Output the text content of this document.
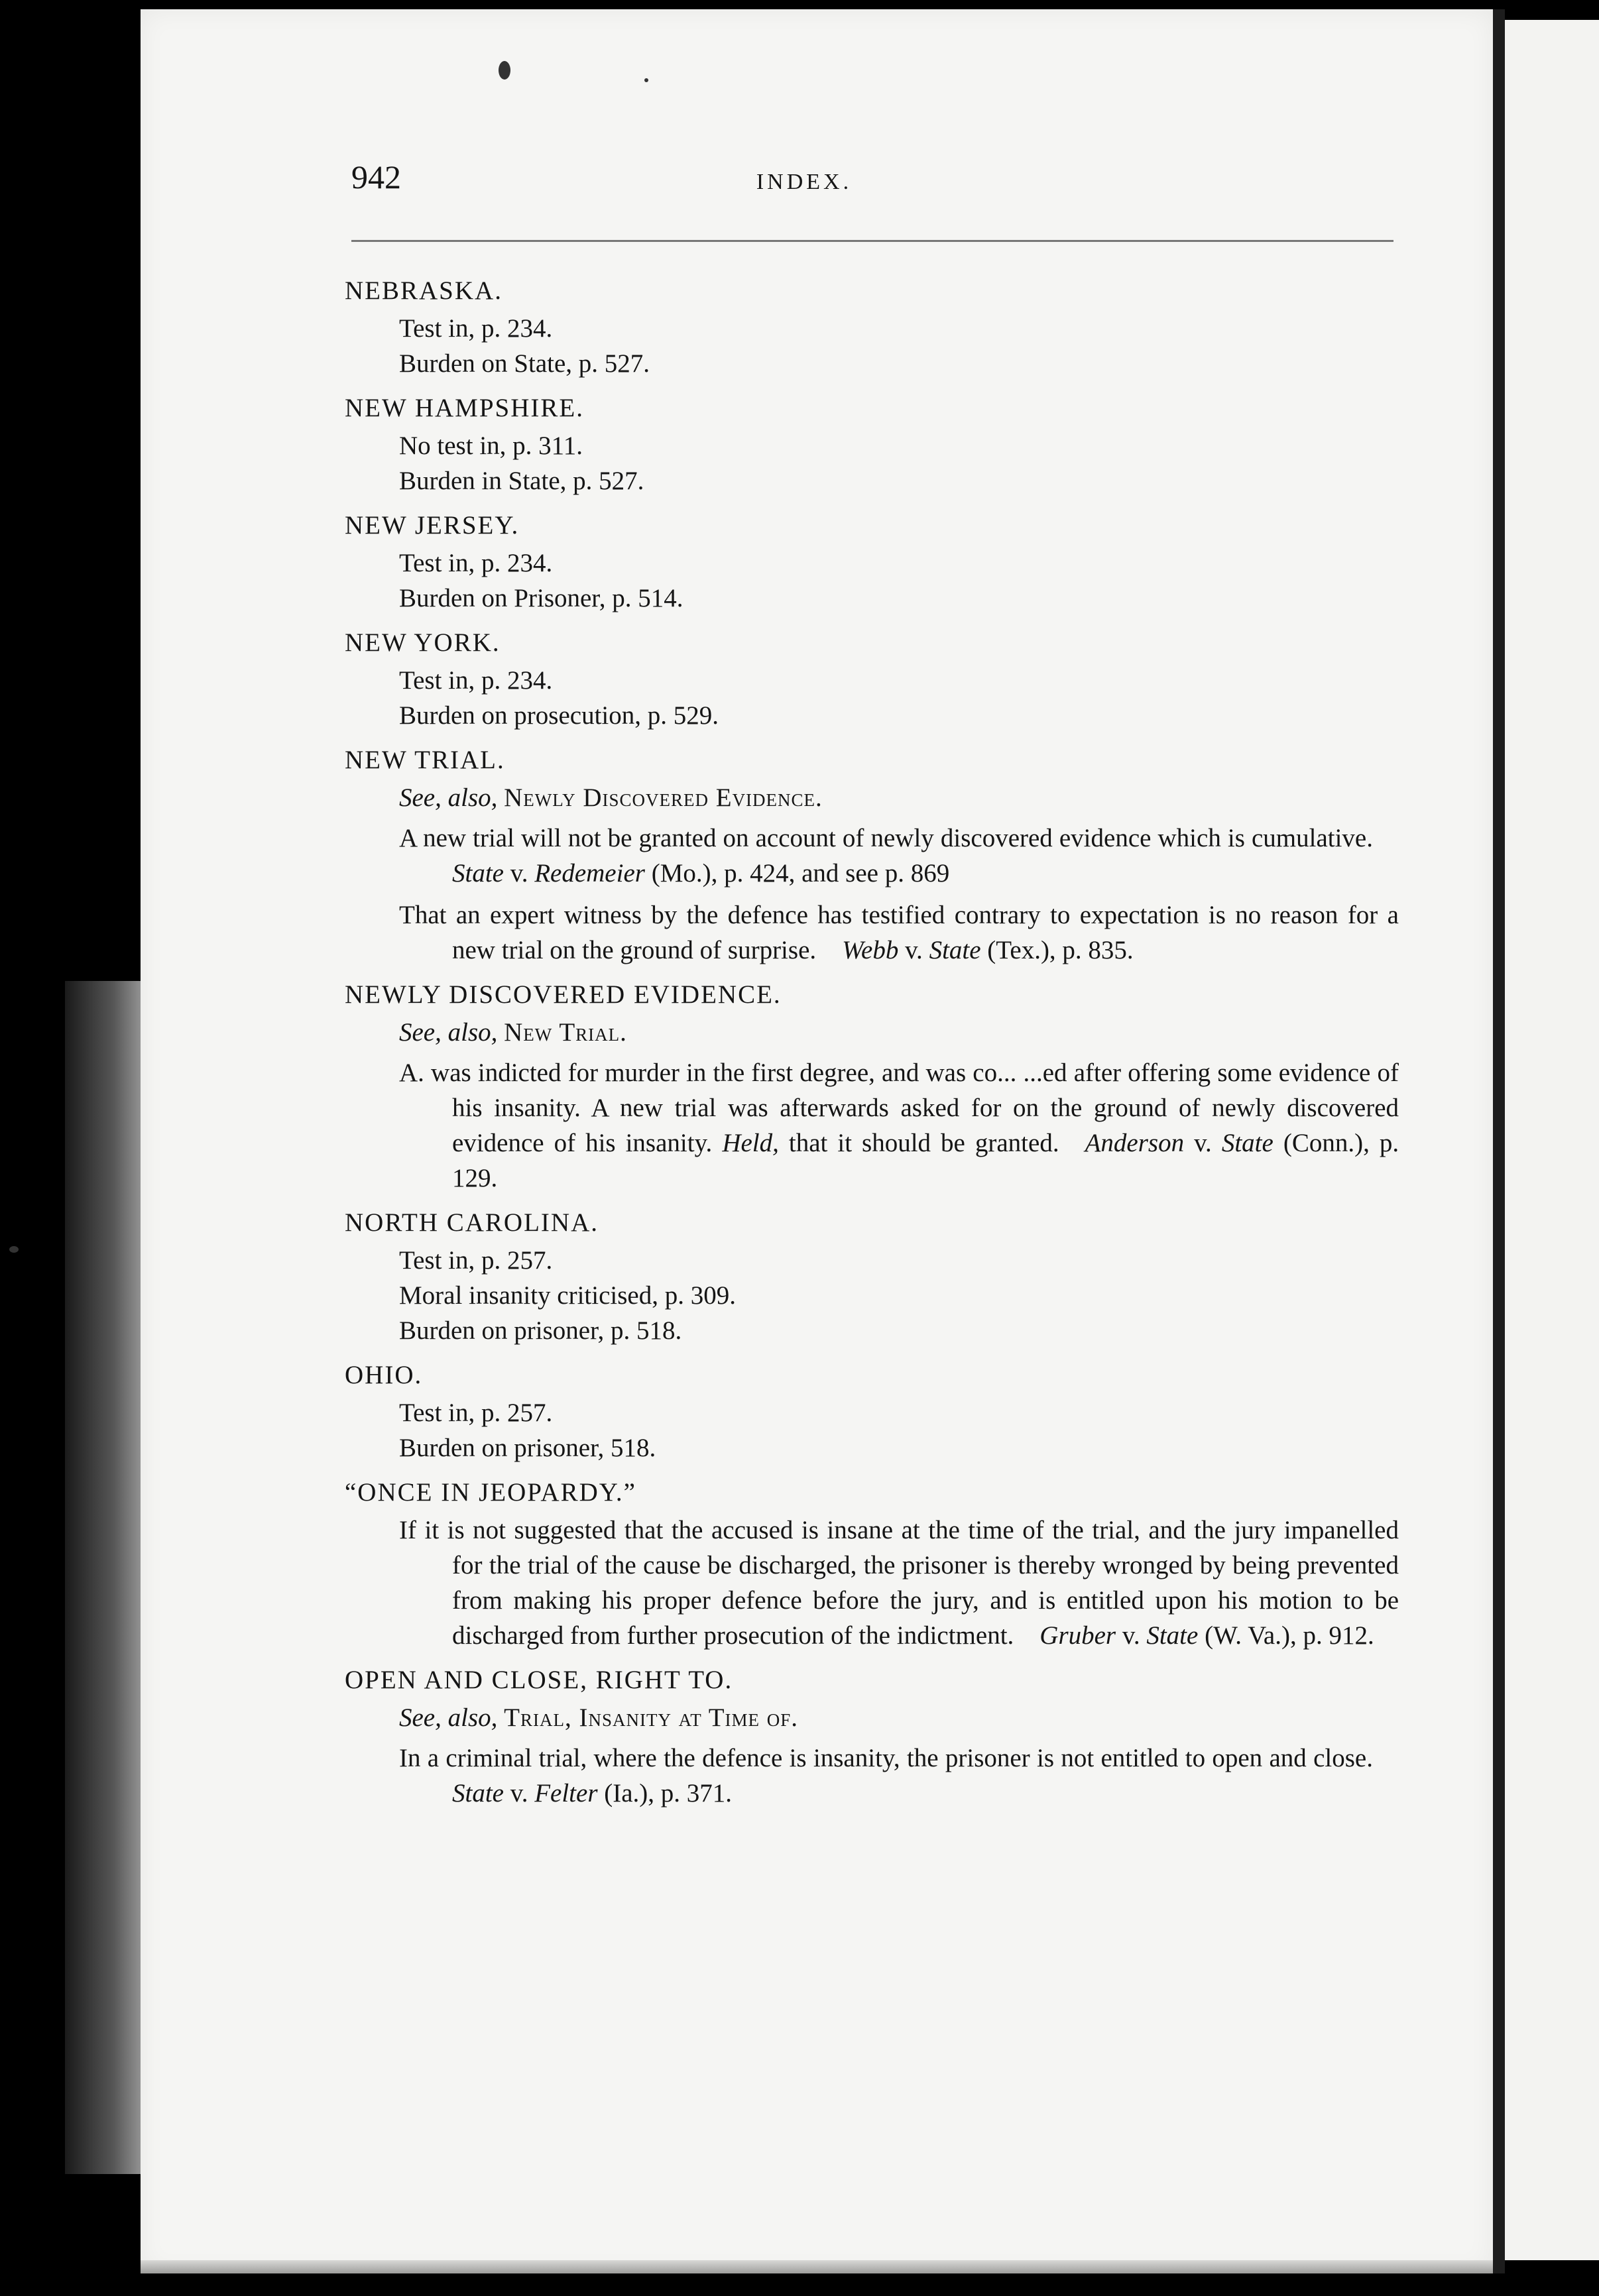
942	INDEX.
NEBRASKA.
Test in, p. 234.
Burden on State, p. 527.
NEW HAMPSHIRE.
No test in, p. 311.
Burden in State, p. 527.
NEW JERSEY.
Test in, p. 234.
Burden on Prisoner, p. 514.
NEW YORK.
Test in, p. 234.
Burden on prosecution, p. 529.
NEW TRIAL.
See, also, Newly Discovered Evidence.
A new trial will not be granted on account of newly discovered evidence which is cumulative. State v. Redemeier (Mo.), p. 424, and see p. 869
That an expert witness by the defence has testified contrary to expectation is no reason for a new trial on the ground of surprise.  Webb v. State (Tex.), p. 835.
NEWLY DISCOVERED EVIDENCE.
See, also, New Trial.
A. was indicted for murder in the first degree, and was co... ...ed after offering some evidence of his insanity. A new trial was afterwards asked for on the ground of newly discovered evidence of his insanity. Held, that it should be granted.  Anderson v. State (Conn.), p. 129.
NORTH CAROLINA.
Test in, p. 257.
Moral insanity criticised, p. 309.
Burden on prisoner, p. 518.
OHIO.
Test in, p. 257.
Burden on prisoner, 518.
“ONCE IN JEOPARDY.”
If it is not suggested that the accused is insane at the time of the trial, and the jury impanelled for the trial of the cause be discharged, the prisoner is thereby wronged by being prevented from making his proper defence before the jury, and is entitled upon his motion to be discharged from further prosecution of the indictment.  Gruber v. State (W. Va.), p. 912.
OPEN AND CLOSE, RIGHT TO.
See, also, Trial, Insanity at Time of.
In a criminal trial, where the defence is insanity, the prisoner is not entitled to open and close. State v. Felter (Ia.), p. 371.
